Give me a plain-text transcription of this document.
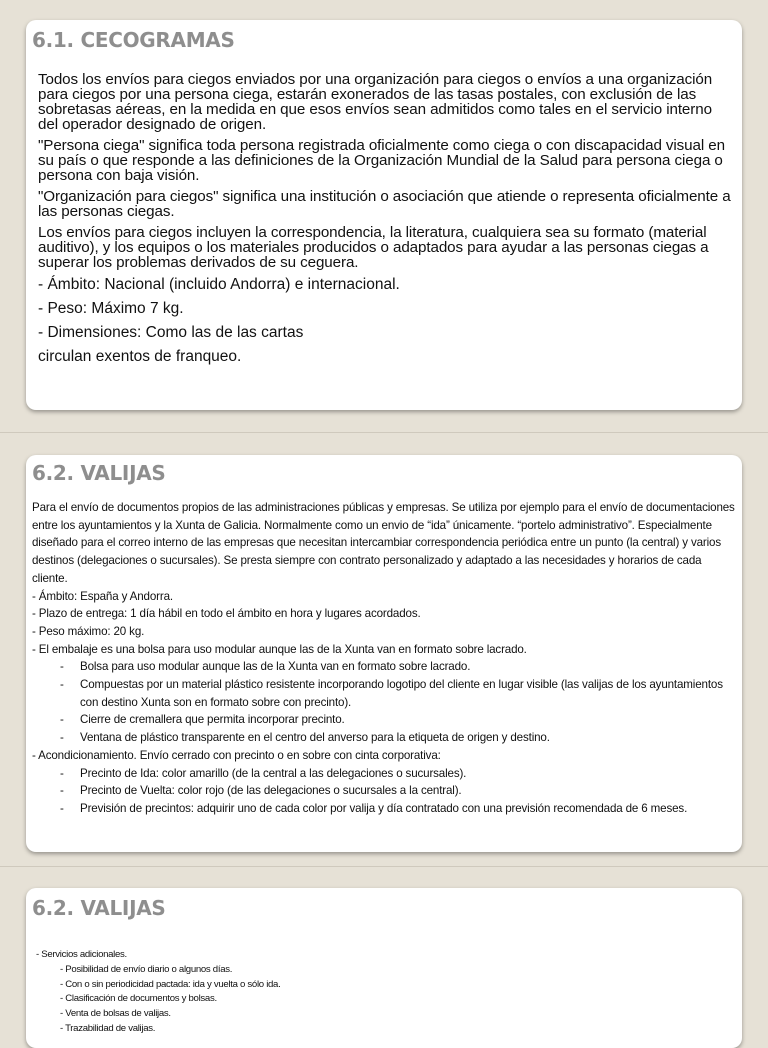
6.1. CECOGRAMAS

Todos los envíos para ciegos enviados por una organización para ciegos o envíos a una organización para ciegos por una persona ciega, estarán exonerados de las tasas postales, con exclusión de las sobretasas aéreas, en la medida en que esos envíos sean admitidos como tales en el servicio interno del operador designado de origen.

"Persona ciega" significa toda persona registrada oficialmente como ciega o con discapacidad visual en su país o que responde a las definiciones de la Organización Mundial de la Salud para persona ciega o persona con baja visión.

"Organización para ciegos" significa una institución o asociación que atiende o representa oficialmente a las personas ciegas.

Los envíos para ciegos incluyen la correspondencia, la literatura, cualquiera sea su formato (material auditivo), y los equipos o los materiales producidos o adaptados para ayudar a las personas ciegas a superar los problemas derivados de su ceguera.

- Ámbito: Nacional (incluido Andorra) e internacional.

- Peso: Máximo 7 kg.

- Dimensiones: Como las de las cartas

circulan exentos de franqueo.

6.2. VALIJAS

Para el envío de documentos propios de las administraciones públicas y empresas. Se utiliza por ejemplo para el envío de documentaciones entre los ayuntamientos y la Xunta de Galicia. Normalmente como un envio de “ida” únicamente. “portelo administrativo”. Especialmente diseñado para el correo interno de las empresas que necesitan intercambiar correspondencia periódica entre un punto (la central) y varios destinos (delegaciones o sucursales). Se presta siempre con contrato personalizado y adaptado a las necesidades y horarios de cada cliente.

- Ámbito: España y Andorra.

- Plazo de entrega: 1 día hábil en todo el ámbito en hora y lugares acordados.

- Peso máximo: 20 kg.

- El embalaje es una bolsa para uso modular aunque las de la Xunta van en formato sobre lacrado.

- Bolsa para uso modular aunque las de la Xunta van en formato sobre lacrado.

- Compuestas por un material plástico resistente incorporando logotipo del cliente en lugar visible (las valijas de los ayuntamientos con destino Xunta son en formato sobre con precinto).

- Cierre de cremallera que permita incorporar precinto.

- Ventana de plástico transparente en el centro del anverso para la etiqueta de origen y destino.

- Acondicionamiento. Envío cerrado con precinto o en sobre con cinta corporativa:

- Precinto de Ida: color amarillo (de la central a las delegaciones o sucursales).

- Precinto de Vuelta: color rojo (de las delegaciones o sucursales a la central).

- Previsión de precintos: adquirir uno de cada color por valija y día contratado con una previsión recomendada de 6 meses.

6.2. VALIJAS

- Servicios adicionales.

- Posibilidad de envío diario o algunos días.

- Con o sin periodicidad pactada: ida y vuelta o sólo ida.

- Clasificación de documentos y bolsas.

- Venta de bolsas de valijas.

- Trazabilidad de valijas.
